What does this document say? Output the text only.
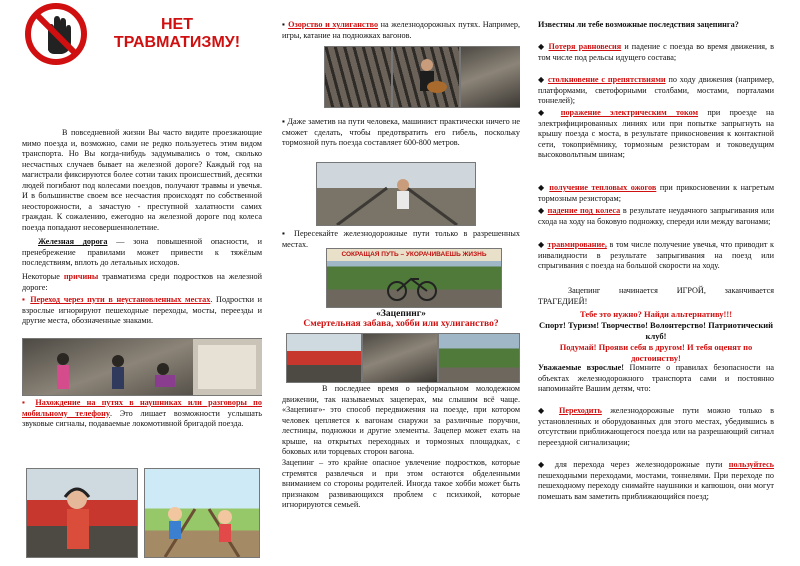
НЕТ
ТРАВМАТИЗМУ!

В повседневной жизни Вы часто видите проезжающие мимо поезда и, возможно, сами не редко пользуетесь этим видом транспорта. Но Вы когда-нибудь задумывались о том, сколько несчастных случаев бывает на железной дороге? Каждый год на магистрали фиксируются более сотни таких происшествий, десятки людей погибают под колесами поездов, получают травмы и увечья. И в большинстве своем все несчастия происходят по собственной неосторожности, а зачастую - преступной халатности самих граждан. К сожалению, ежегодно на железной дороге под колеса поезда попадают несовершеннолетние.

Железная дорога — зона повышенной опасности, и пренебрежение правилами может привести к тяжёлым последствиям, вплоть до летальных исходов.

Некоторые причины травматизма среди подростков на железной дороге:

▪ Переход через пути в неустановленных местах. Подростки и взрослые игнорируют пешеходные переходы, мосты, переезды и другие места, обозначенные знаками.

▪ Нахождение на путях в наушниках или разговоры по мобильному телефону. Это лишает возможности услышать звуковые сигналы, подаваемые локомотивной бригадой поезда.

▪ Озорство и хулиганство на железнодорожных путях. Например, игры, катание на подножках вагонов.

▪ Даже заметив на пути человека, машинист практически ничего не сможет сделать, чтобы предотвратить его гибель, поскольку тормозной путь поезда составляет 600-800 метров.

▪ Пересекайте железнодорожные пути только в разрешенных местах.

СОКРАЩАЯ ПУТЬ – УКОРАЧИВАЕШЬ ЖИЗНЬ
«Зацепинг»
Смертельная забава, хобби или хулиганство?

В последнее время о неформальном молодежном движении, так называемых зацеперах, мы слышим всё чаще. «Зацепинг»- это способ передвижения на поезде, при котором человек цепляется к вагонам снаружи за различные поручни, лестницы, подножки и другие элементы. Зацепер может ехать на крыше, на открытых переходных и тормозных площадках, с боковых или торцевых сторон вагона.

Зацепинг – это крайне опасное увлечение подростков, которые стремятся развлечься и при этом остаются обделенными вниманием со стороны родителей. Иногда такое хобби может быть признаком развивающихся проблем с психикой, которые игнорируются семьей.

Известны ли тебе возможные последствия зацепинга?

◆ Потеря равновесия и падение с поезда во время движения, в том числе под рельсы идущего состава;

◆ столкновение с препятствиями по ходу движения (например, платформами, светофорными столбами, мостами, порталами тоннелей);

◆ поражение электрическим током при проезде на электрифицированных линиях или при попытке запрыгнуть на крышу поезда с моста, в результате прикосновения к контактной сети, токоприёмнику, тормозным резисторам и токоведущим высоковольтным шинам;

◆ получение тепловых ожогов при прикосновении к нагретым тормозным резисторам;

◆ падение под колеса в результате неудачного запрыгивания или схода на ходу на боковую подножку, спереди или между вагонами;

◆ травмирование, в том числе получение увечья, что приводит к инвалидности в результате запрыгивания на поезд или спрыгивания с поезда на большой скорости на ходу.

Зацепинг начинается ИГРОЙ, заканчивается ТРАГЕДИЕЙ!

Тебе это нужно? Найди альтернативу!!!

Спорт! Туризм! Творчество! Волонтерство! Патриотический клуб!

Подумай! Прояви себя в другом! И тебя оценят по достоинству!

Уважаемые взрослые! Помните о правилах безопасности на объектах железнодорожного транспорта сами и постоянно напоминайте Вашим детям, что:

◆ Переходить железнодорожные пути можно только в установленных и оборудованных для этого местах, убедившись в отсутствии приближающегося поезда или на разрешающий сигнал переездной сигнализации;

◆ для перехода через железнодорожные пути пользуйтесь пешеходными переходами, мостами, тоннелями. При переходе по пешеходному переходу снимайте наушники и капюшон, они могут помешать вам заметить приближающийся поезд;
